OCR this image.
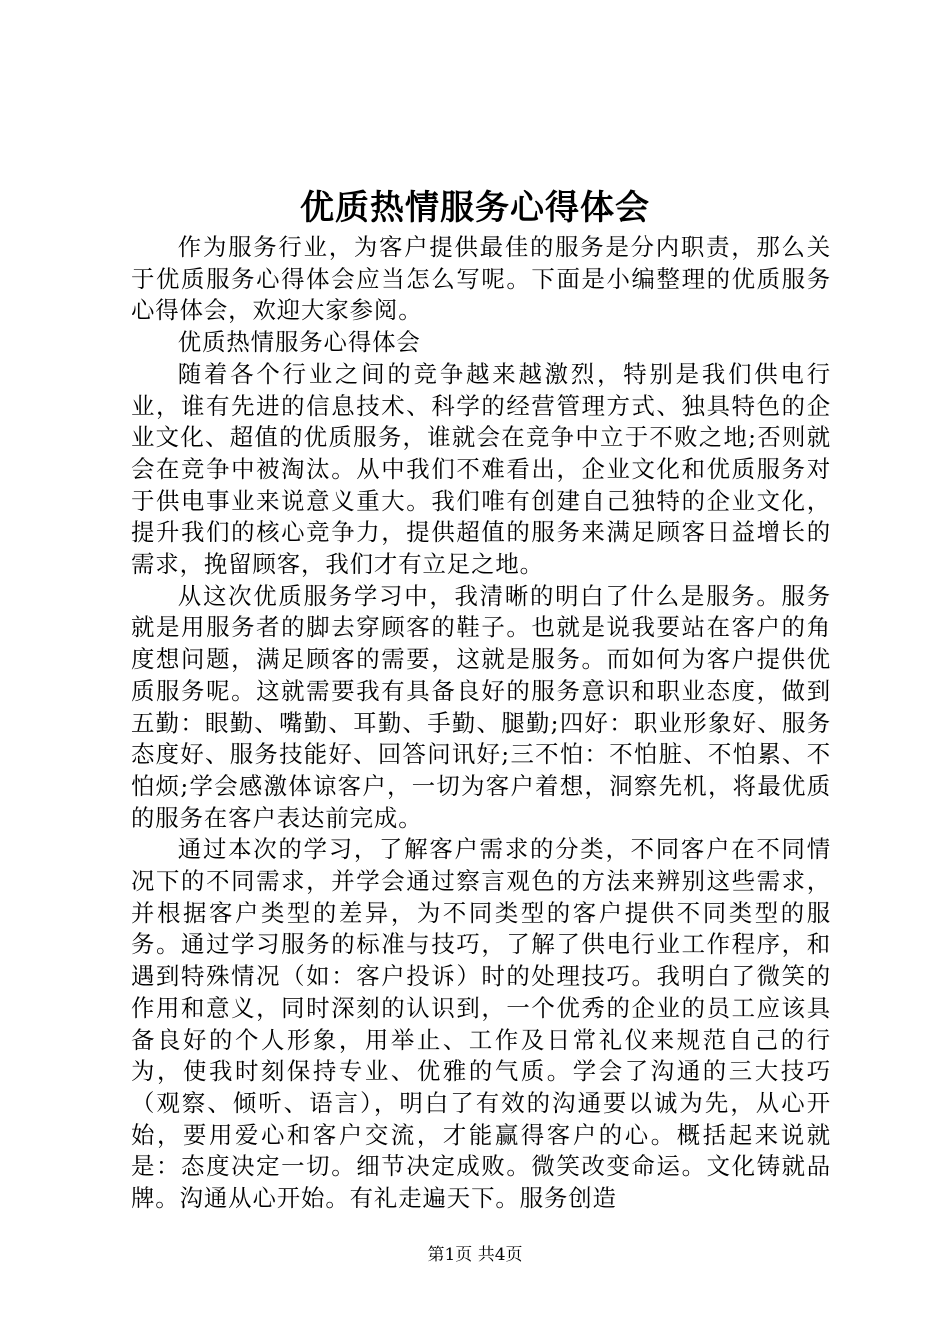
优质热情服务心得体会

作为服务行业，为客户提供最佳的服务是分内职责，那么关于优质服务心得体会应当怎么写呢。下面是小编整理的优质服务心得体会，欢迎大家参阅。

优质热情服务心得体会

随着各个行业之间的竞争越来越激烈，特别是我们供电行业，谁有先进的信息技术、科学的经营管理方式、独具特色的企业文化、超值的优质服务，谁就会在竞争中立于不败之地;否则就会在竞争中被淘汰。从中我们不难看出，企业文化和优质服务对于供电事业来说意义重大。我们唯有创建自己独特的企业文化，提升我们的核心竞争力，提供超值的服务来满足顾客日益增长的需求，挽留顾客，我们才有立足之地。

从这次优质服务学习中，我清晰的明白了什么是服务。服务就是用服务者的脚去穿顾客的鞋子。也就是说我要站在客户的角度想问题，满足顾客的需要，这就是服务。而如何为客户提供优质服务呢。这就需要我有具备良好的服务意识和职业态度，做到五勤：眼勤、嘴勤、耳勤、手勤、腿勤;四好：职业形象好、服务态度好、服务技能好、回答问讯好;三不怕：不怕脏、不怕累、不怕烦;学会感激体谅客户，一切为客户着想，洞察先机，将最优质的服务在客户表达前完成。

通过本次的学习，了解客户需求的分类，不同客户在不同情况下的不同需求，并学会通过察言观色的方法来辨别这些需求，并根据客户类型的差异，为不同类型的客户提供不同类型的服务。通过学习服务的标准与技巧，了解了供电行业工作程序，和遇到特殊情况（如：客户投诉）时的处理技巧。我明白了微笑的作用和意义，同时深刻的认识到，一个优秀的企业的员工应该具备良好的个人形象，用举止、工作及日常礼仪来规范自己的行为，使我时刻保持专业、优雅的气质。学会了沟通的三大技巧（观察、倾听、语言），明白了有效的沟通要以诚为先，从心开始，要用爱心和客户交流，才能赢得客户的心。概括起来说就是：态度决定一切。细节决定成败。微笑改变命运。文化铸就品牌。沟通从心开始。有礼走遍天下。服务创造

第1页 共4页
